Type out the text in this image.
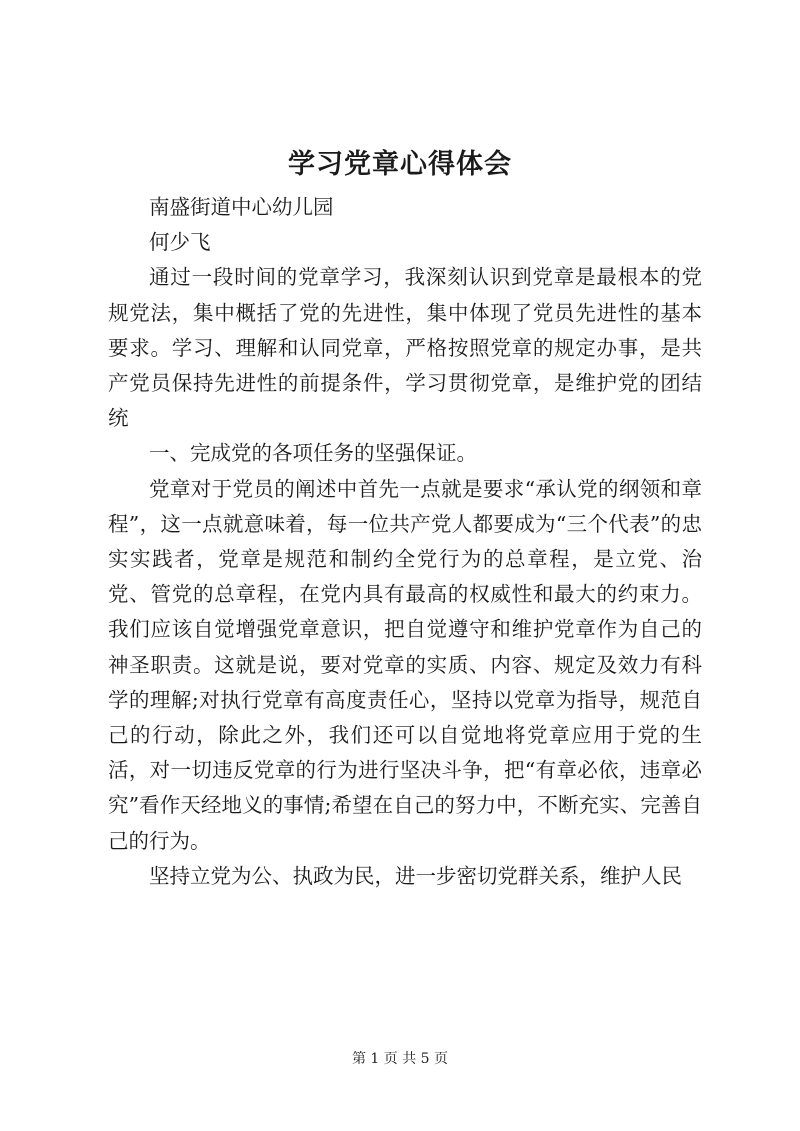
学习党章心得体会

南盛街道中心幼儿园

何少飞

通过一段时间的党章学习，我深刻认识到党章是最根本的党规党法，集中概括了党的先进性，集中体现了党员先进性的基本要求。学习、理解和认同党章，严格按照党章的规定办事，是共产党员保持先进性的前提条件，学习贯彻党章，是维护党的团结统

一、完成党的各项任务的坚强保证。

党章对于党员的阐述中首先一点就是要求“承认党的纲领和章程”，这一点就意味着，每一位共产党人都要成为“三个代表”的忠实实践者，党章是规范和制约全党行为的总章程，是立党、治党、管党的总章程，在党内具有最高的权威性和最大的约束力。我们应该自觉增强党章意识，把自觉遵守和维护党章作为自己的神圣职责。这就是说，要对党章的实质、内容、规定及效力有科学的理解;对执行党章有高度责任心，坚持以党章为指导，规范自己的行动，除此之外，我们还可以自觉地将党章应用于党的生活，对一切违反党章的行为进行坚决斗争，把“有章必依，违章必究”看作天经地义的事情;希望在自己的努力中，不断充实、完善自己的行为。

坚持立党为公、执政为民，进一步密切党群关系，维护人民

第 1 页 共 5 页
